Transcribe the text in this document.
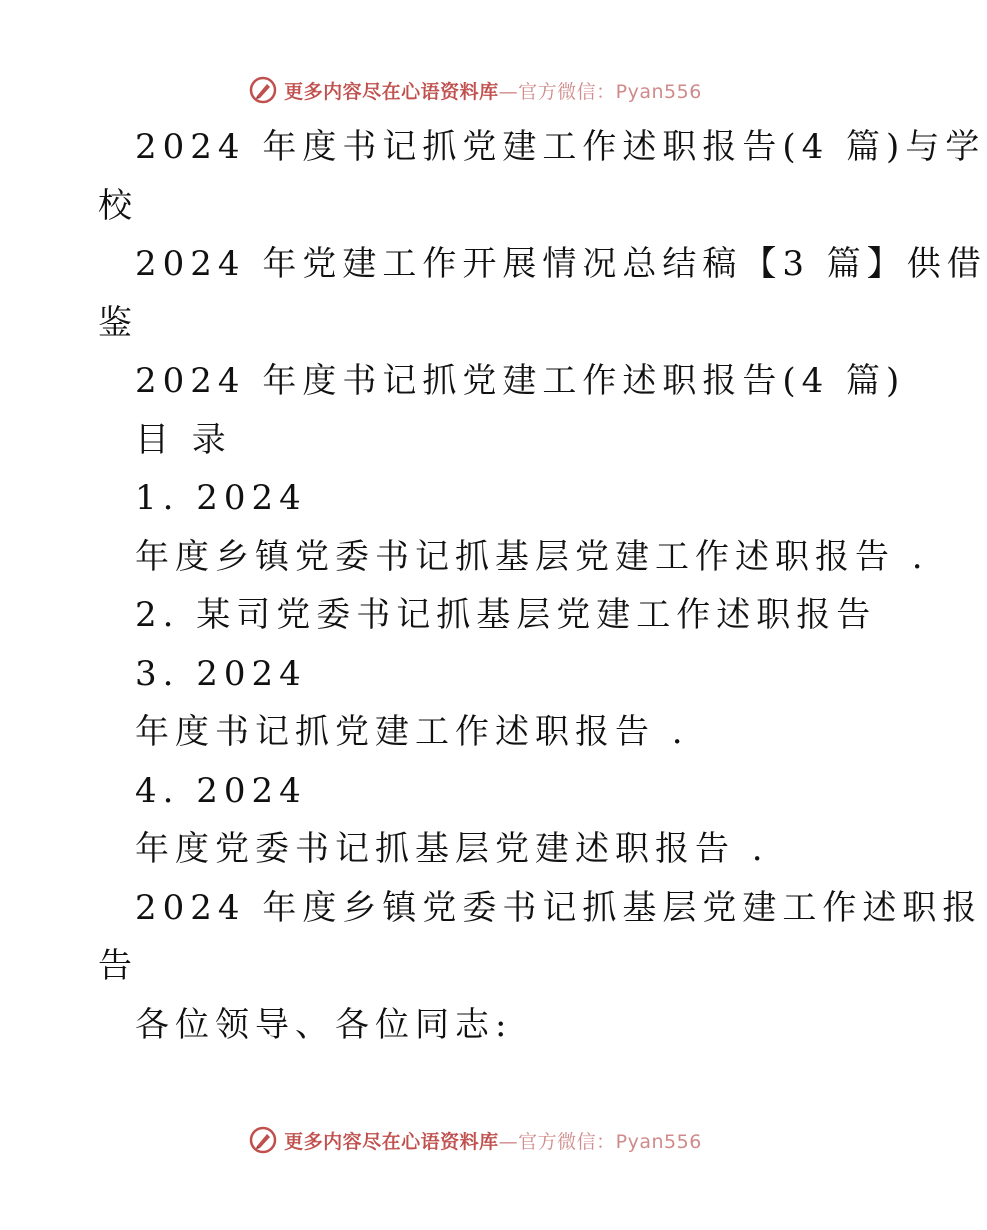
更多内容尽在心语资料库—官方微信：Pyan556
2024 年度书记抓党建工作述职报告(4 篇)与学
校
2024 年党建工作开展情况总结稿【3 篇】供借
鉴
2024 年度书记抓党建工作述职报告(4 篇)
目 录
1. 2024
年度乡镇党委书记抓基层党建工作述职报告 .
2. 某司党委书记抓基层党建工作述职报告
3. 2024
年度书记抓党建工作述职报告 .
4. 2024
年度党委书记抓基层党建述职报告 .
2024 年度乡镇党委书记抓基层党建工作述职报
告
各位领导、各位同志:
更多内容尽在心语资料库—官方微信：Pyan556
